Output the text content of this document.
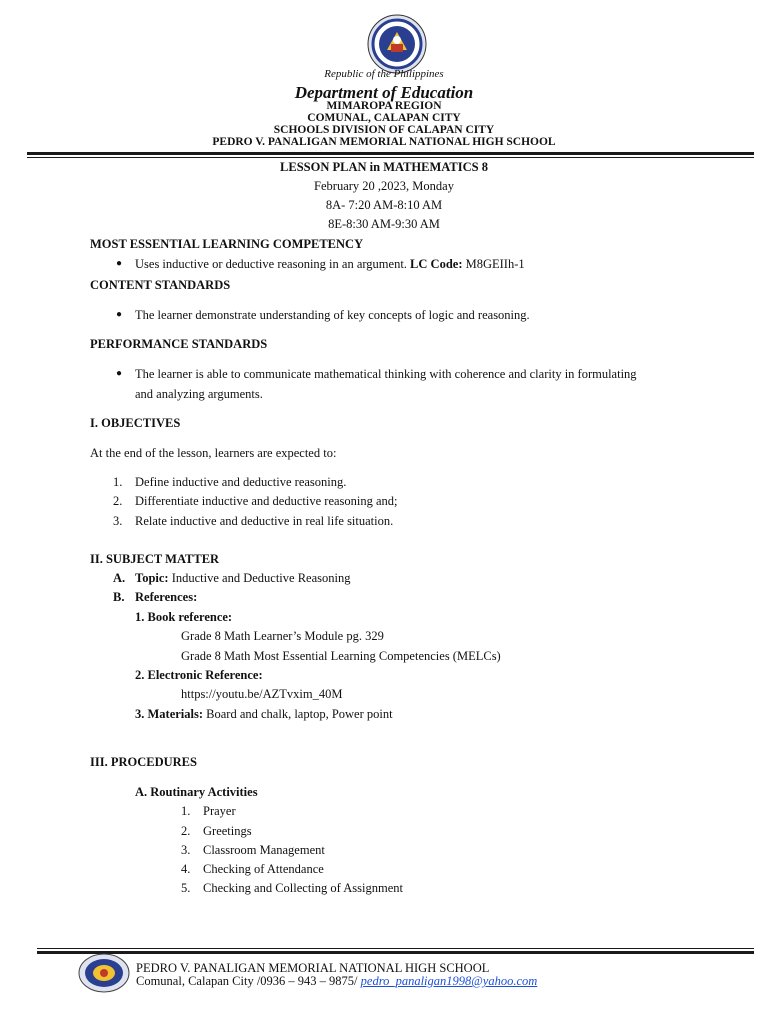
Republic of the Philippines
Department of Education
MIMAROPA REGION
COMUNAL, CALAPAN CITY
SCHOOLS DIVISION OF CALAPAN CITY
PEDRO V. PANALIGAN MEMORIAL NATIONAL HIGH SCHOOL
LESSON PLAN in MATHEMATICS 8
February 20 ,2023, Monday
8A- 7:20 AM-8:10 AM
8E-8:30 AM-9:30 AM
MOST ESSENTIAL LEARNING COMPETENCY
● Uses inductive or deductive reasoning in an argument. LC Code: M8GEIIh-1
CONTENT STANDARDS
● The learner demonstrate understanding of key concepts of logic and reasoning.
PERFORMANCE STANDARDS
● The learner is able to communicate mathematical thinking with coherence and clarity in formulating
and analyzing arguments.
I. OBJECTIVES
At the end of the lesson, learners are expected to:
1. Define inductive and deductive reasoning.
2. Differentiate inductive and deductive reasoning and;
3. Relate inductive and deductive in real life situation.
II. SUBJECT MATTER
A. Topic: Inductive and Deductive Reasoning
B. References:
1. Book reference:
Grade 8 Math Learner’s Module pg. 329
Grade 8 Math Most Essential Learning Competencies (MELCs)
2. Electronic Reference:
https://youtu.be/AZTvxim_40M
3. Materials: Board and chalk, laptop, Power point
III. PROCEDURES
A. Routinary Activities
1. Prayer
2. Greetings
3. Classroom Management
4. Checking of Attendance
5. Checking and Collecting of Assignment
PEDRO V. PANALIGAN MEMORIAL NATIONAL HIGH SCHOOL
Comunal, Calapan City /0936 – 943 – 9875/ pedro_panaligan1998@yahoo.com
